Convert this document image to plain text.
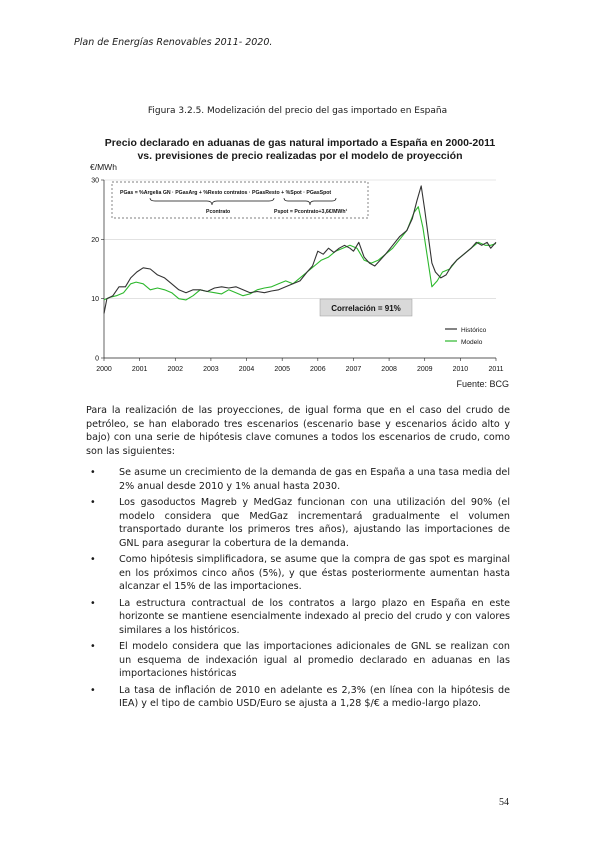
Plan de Energías Renovables 2011- 2020.
Figura 3.2.5. Modelización del precio del gas importado en España
Precio declarado en aduanas de gas natural importado a España en 2000-2011
vs. previsiones de precio realizadas por el modelo de proyección
€/MWh
2000	2001	2002	2003	2004	2005	2006	2007	2008	2009	2010	2011
0
10
20
30
PGas = %Argelia GN · PGasArg + %Resto contratos · PGasResto + %Spot · PGasSpot
Pcontrato	Pspot = Pcontrato+3,6€/MWh¹
Correlación = 91%
Histórico
Modelo
Fuente: BCG
Para la realización de las proyecciones, de igual forma que en el caso del crudo de petróleo, se han elaborado tres escenarios (escenario base y escenarios ácido alto y bajo) con una serie de hipótesis clave comunes a todos los escenarios de crudo, como son las siguientes:
• Se asume un crecimiento de la demanda de gas en España a una tasa media del 2% anual desde 2010 y 1% anual hasta 2030.
• Los gasoductos Magreb y MedGaz funcionan con una utilización del 90% (el modelo considera que MedGaz incrementará gradualmente el volumen transportado durante los primeros tres años), ajustando las importaciones de GNL para asegurar la cobertura de la demanda.
• Como hipótesis simplificadora, se asume que la compra de gas spot es marginal en los próximos cinco años (5%), y que éstas posteriormente aumentan hasta alcanzar el 15% de las importaciones.
• La estructura contractual de los contratos a largo plazo en España en este horizonte se mantiene esencialmente indexado al precio del crudo y con valores similares a los históricos.
• El modelo considera que las importaciones adicionales de GNL se realizan con un esquema de indexación igual al promedio declarado en aduanas en las importaciones históricas
• La tasa de inflación de 2010 en adelante es 2,3% (en línea con la hipótesis de IEA) y el tipo de cambio USD/Euro se ajusta a 1,28 $/€ a medio-largo plazo.
54
